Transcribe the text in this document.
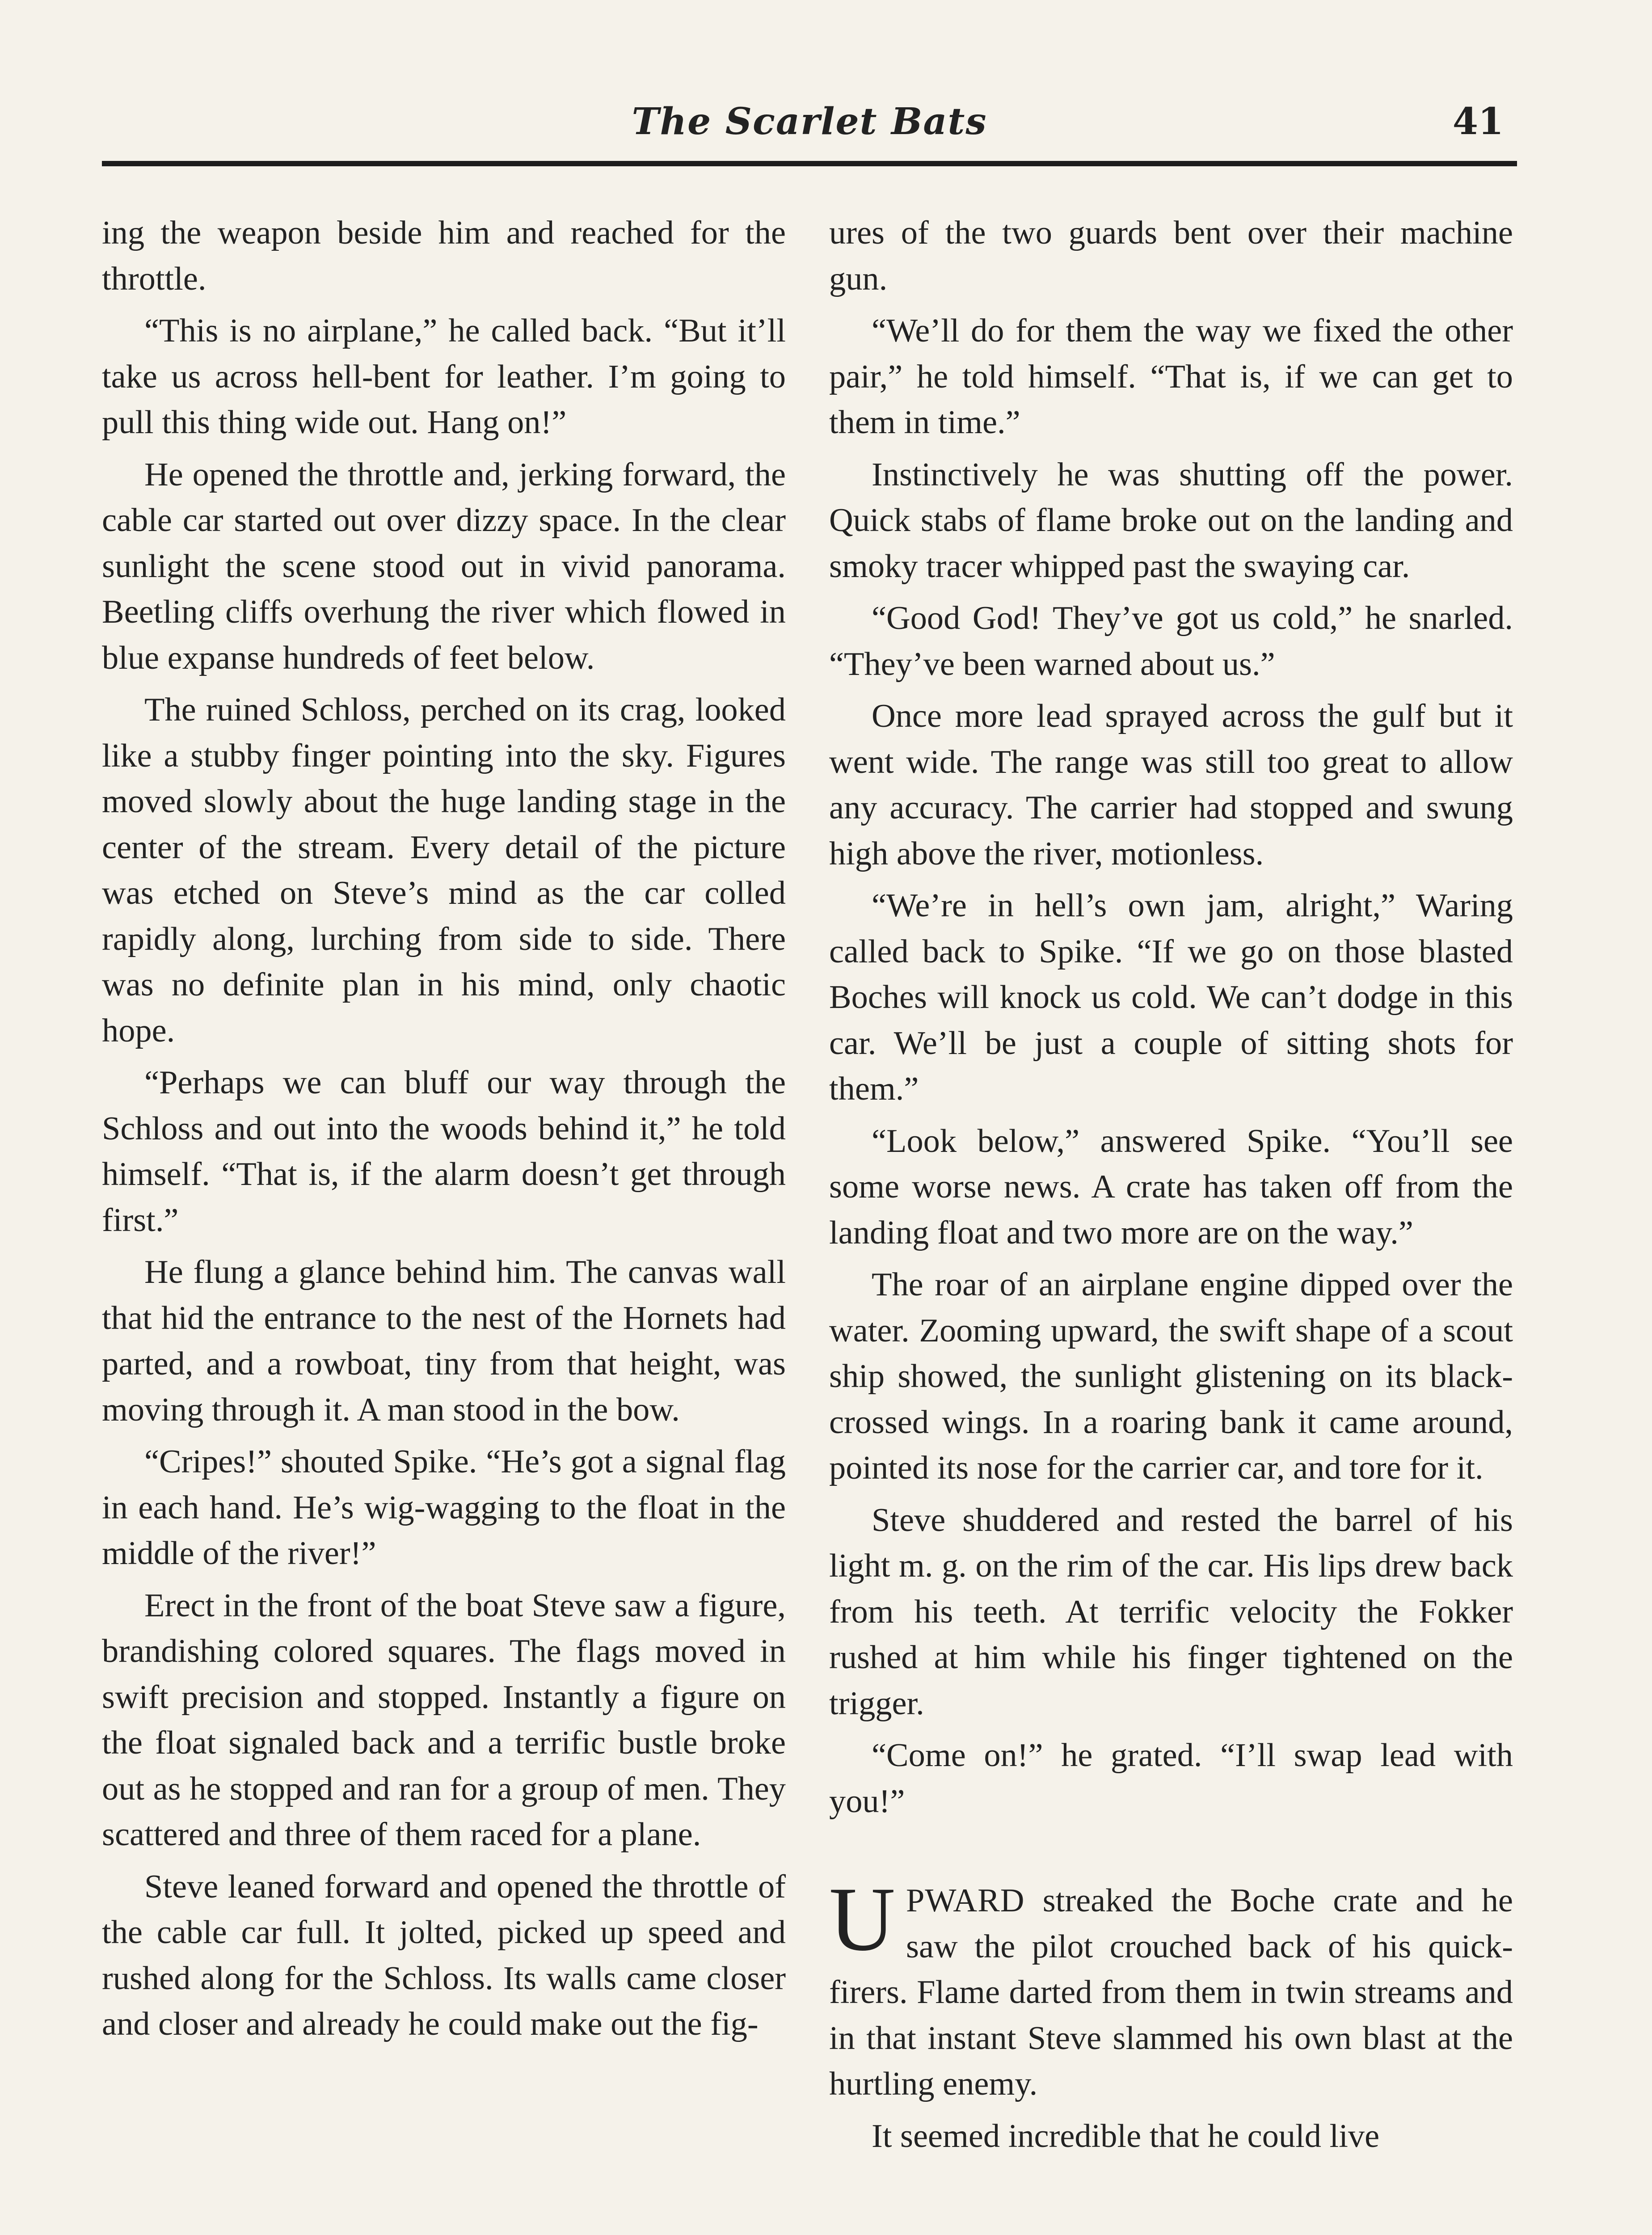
The Scarlet Bats	41

ing the weapon beside him and reached for the throttle.

“This is no airplane,” he called back. “But it’ll take us across hell-bent for leather. I’m going to pull this thing wide out. Hang on!”

He opened the throttle and, jerking forward, the cable car started out over dizzy space. In the clear sunlight the scene stood out in vivid panorama. Beetling cliffs overhung the river which flowed in blue expanse hundreds of feet below.

The ruined Schloss, perched on its crag, looked like a stubby finger pointing into the sky. Figures moved slowly about the huge landing stage in the center of the stream. Every detail of the picture was etched on Steve’s mind as the car colled rapidly along, lurching from side to side. There was no definite plan in his mind, only chaotic hope.

“Perhaps we can bluff our way through the Schloss and out into the woods behind it,” he told himself. “That is, if the alarm doesn’t get through first.”

He flung a glance behind him. The canvas wall that hid the entrance to the nest of the Hornets had parted, and a rowboat, tiny from that height, was moving through it. A man stood in the bow.

“Cripes!” shouted Spike. “He’s got a signal flag in each hand. He’s wig-wagging to the float in the middle of the river!”

Erect in the front of the boat Steve saw a figure, brandishing colored squares. The flags moved in swift precision and stopped. Instantly a figure on the float signaled back and a terrific bustle broke out as he stopped and ran for a group of men. They scattered and three of them raced for a plane.

Steve leaned forward and opened the throttle of the cable car full. It jolted, picked up speed and rushed along for the Schloss. Its walls came closer and closer and already he could make out the fig-

ures of the two guards bent over their machine gun.

“We’ll do for them the way we fixed the other pair,” he told himself. “That is, if we can get to them in time.”

Instinctively he was shutting off the power. Quick stabs of flame broke out on the landing and smoky tracer whipped past the swaying car.

“Good God! They’ve got us cold,” he snarled. “They’ve been warned about us.”

Once more lead sprayed across the gulf but it went wide. The range was still too great to allow any accuracy. The carrier had stopped and swung high above the river, motionless.

“We’re in hell’s own jam, alright,” Waring called back to Spike. “If we go on those blasted Boches will knock us cold. We can’t dodge in this car. We’ll be just a couple of sitting shots for them.”

“Look below,” answered Spike. “You’ll see some worse news. A crate has taken off from the landing float and two more are on the way.”

The roar of an airplane engine dipped over the water. Zooming upward, the swift shape of a scout ship showed, the sunlight glistening on its black-crossed wings. In a roaring bank it came around, pointed its nose for the carrier car, and tore for it.

Steve shuddered and rested the barrel of his light m. g. on the rim of the car. His lips drew back from his teeth. At terrific velocity the Fokker rushed at him while his finger tightened on the trigger.

“Come on!” he grated. “I’ll swap lead with you!”

UPWARD streaked the Boche crate and he saw the pilot crouched back of his quick-firers. Flame darted from them in twin streams and in that instant Steve slammed his own blast at the hurtling enemy.

It seemed incredible that he could live
